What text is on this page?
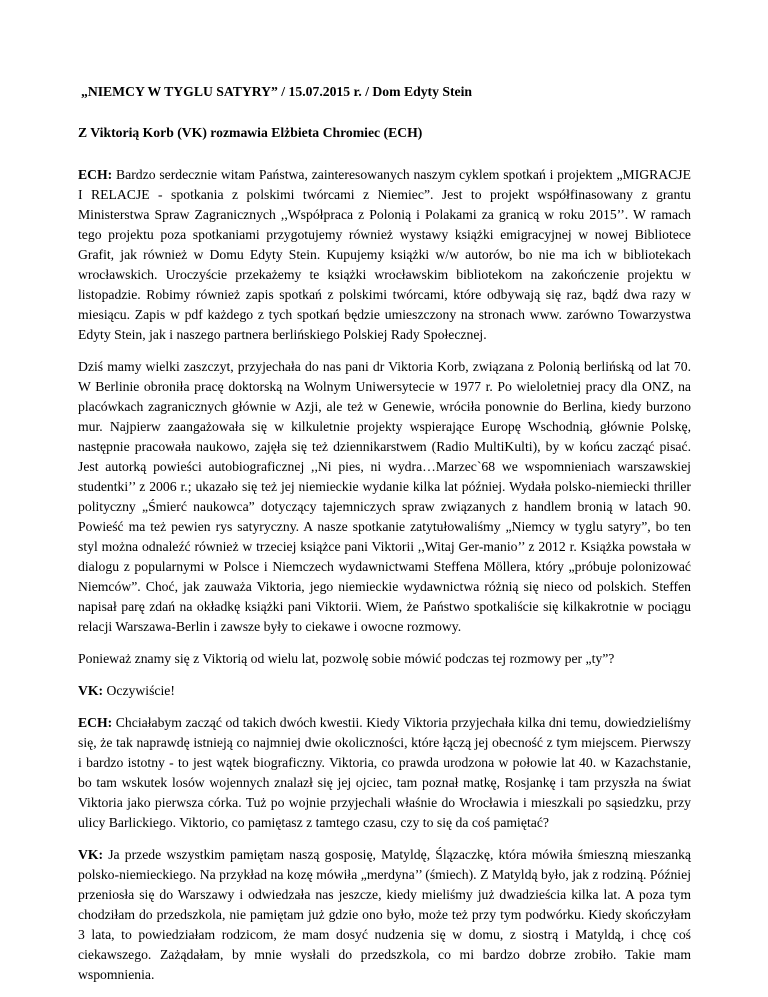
„NIEMCY W TYGLU SATYRY” / 15.07.2015 r. / Dom Edyty Stein

Z Viktorią Korb (VK) rozmawia Elżbieta Chromiec (ECH)

ECH: Bardzo serdecznie witam Państwa, zainteresowanych naszym cyklem spotkań i projektem „MIGRACJE I RELACJE - spotkania z polskimi twórcami z Niemiec”. Jest to projekt współfinasowany z grantu Ministerstwa Spraw Zagranicznych ,,Współpraca z Polonią i Polakami za granicą w roku 2015’’. W ramach tego projektu poza spotkaniami przygotujemy również wystawy książki emigracyjnej w nowej Bibliotece Grafit, jak również w Domu Edyty Stein. Kupujemy książki w/w autorów, bo nie ma ich w bibliotekach wrocławskich. Uroczyście przekażemy te książki wrocławskim bibliotekom na zakończenie projektu w listopadzie. Robimy również zapis spotkań z polskimi twórcami, które odbywają się raz, bądź dwa razy w miesiącu. Zapis w pdf każdego z tych spotkań będzie umieszczony na stronach www. zarówno Towarzystwa Edyty Stein, jak i naszego partnera berlińskiego Polskiej Rady Społecznej.

Dziś mamy wielki zaszczyt, przyjechała do nas pani dr Viktoria Korb, związana z Polonią berlińską od lat 70. W Berlinie obroniła pracę doktorską na Wolnym Uniwersytecie w 1977 r. Po wieloletniej pracy dla ONZ, na placówkach zagranicznych głównie w Azji, ale też w Genewie, wróciła ponownie do Berlina, kiedy burzono mur. Najpierw zaangażowała się w kilkuletnie projekty wspierające Europę Wschodnią, głównie Polskę, następnie pracowała naukowo, zajęła się też dziennikarstwem (Radio MultiKulti), by w końcu zacząć pisać. Jest autorką powieści autobiograficznej ,,Ni pies, ni wydra…Marzec`68 we wspomnieniach warszawskiej studentki’’ z 2006 r.; ukazało się też jej niemieckie wydanie kilka lat później. Wydała polsko-niemiecki thriller polityczny „Śmierć naukowca” dotyczący tajemniczych spraw związanych z handlem bronią w latach 90. Powieść ma też pewien rys satyryczny. A nasze spotkanie zatytułowaliśmy „Niemcy w tyglu satyry”, bo ten styl można odnaleźć również w trzeciej książce pani Viktorii ,,Witaj Ger-manio’’ z 2012 r. Książka powstała w dialogu z popularnymi w Polsce i Niemczech wydawnictwami Steffena Möllera, który „próbuje polonizować Niemców”. Choć, jak zauważa Viktoria, jego niemieckie wydawnictwa różnią się nieco od polskich. Steffen napisał parę zdań na okładkę książki pani Viktorii. Wiem, że Państwo spotkaliście się kilkakrotnie w pociągu relacji Warszawa-Berlin i zawsze były to ciekawe i owocne rozmowy.

Ponieważ znamy się z Viktorią od wielu lat, pozwolę sobie mówić podczas tej rozmowy per „ty”?

VK: Oczywiście!

ECH: Chciałabym zacząć od takich dwóch kwestii. Kiedy Viktoria przyjechała kilka dni temu, dowiedzieliśmy się, że tak naprawdę istnieją co najmniej dwie okoliczności, które łączą jej obecność z tym miejscem. Pierwszy i bardzo istotny - to jest wątek biograficzny. Viktoria, co prawda urodzona w połowie lat 40. w Kazachstanie, bo tam wskutek losów wojennych znalazł się jej ojciec, tam poznał matkę, Rosjankę i tam przyszła na świat Viktoria jako pierwsza córka. Tuż po wojnie przyjechali właśnie do Wrocławia i mieszkali po sąsiedzku, przy ulicy Barlickiego. Viktorio, co pamiętasz z tamtego czasu, czy to się da coś pamiętać?

VK: Ja przede wszystkim pamiętam naszą gosposię, Matyldę, Ślązaczkę, która mówiła śmieszną mieszanką polsko-niemieckiego. Na przykład na kozę mówiła „merdyna’’ (śmiech). Z Matyldą było, jak z rodziną. Później przeniosła się do Warszawy i odwiedzała nas jeszcze, kiedy mieliśmy już dwadzieścia kilka lat. A poza tym chodziłam do przedszkola, nie pamiętam już gdzie ono było, może też przy tym podwórku. Kiedy skończyłam 3 lata, to powiedziałam rodzicom, że mam dosyć nudzenia się w domu, z siostrą i Matyldą, i chcę coś ciekawszego. Zażądałam, by mnie wysłali do przedszkola, co mi bardzo dobrze zrobiło. Takie mam wspomnienia.
